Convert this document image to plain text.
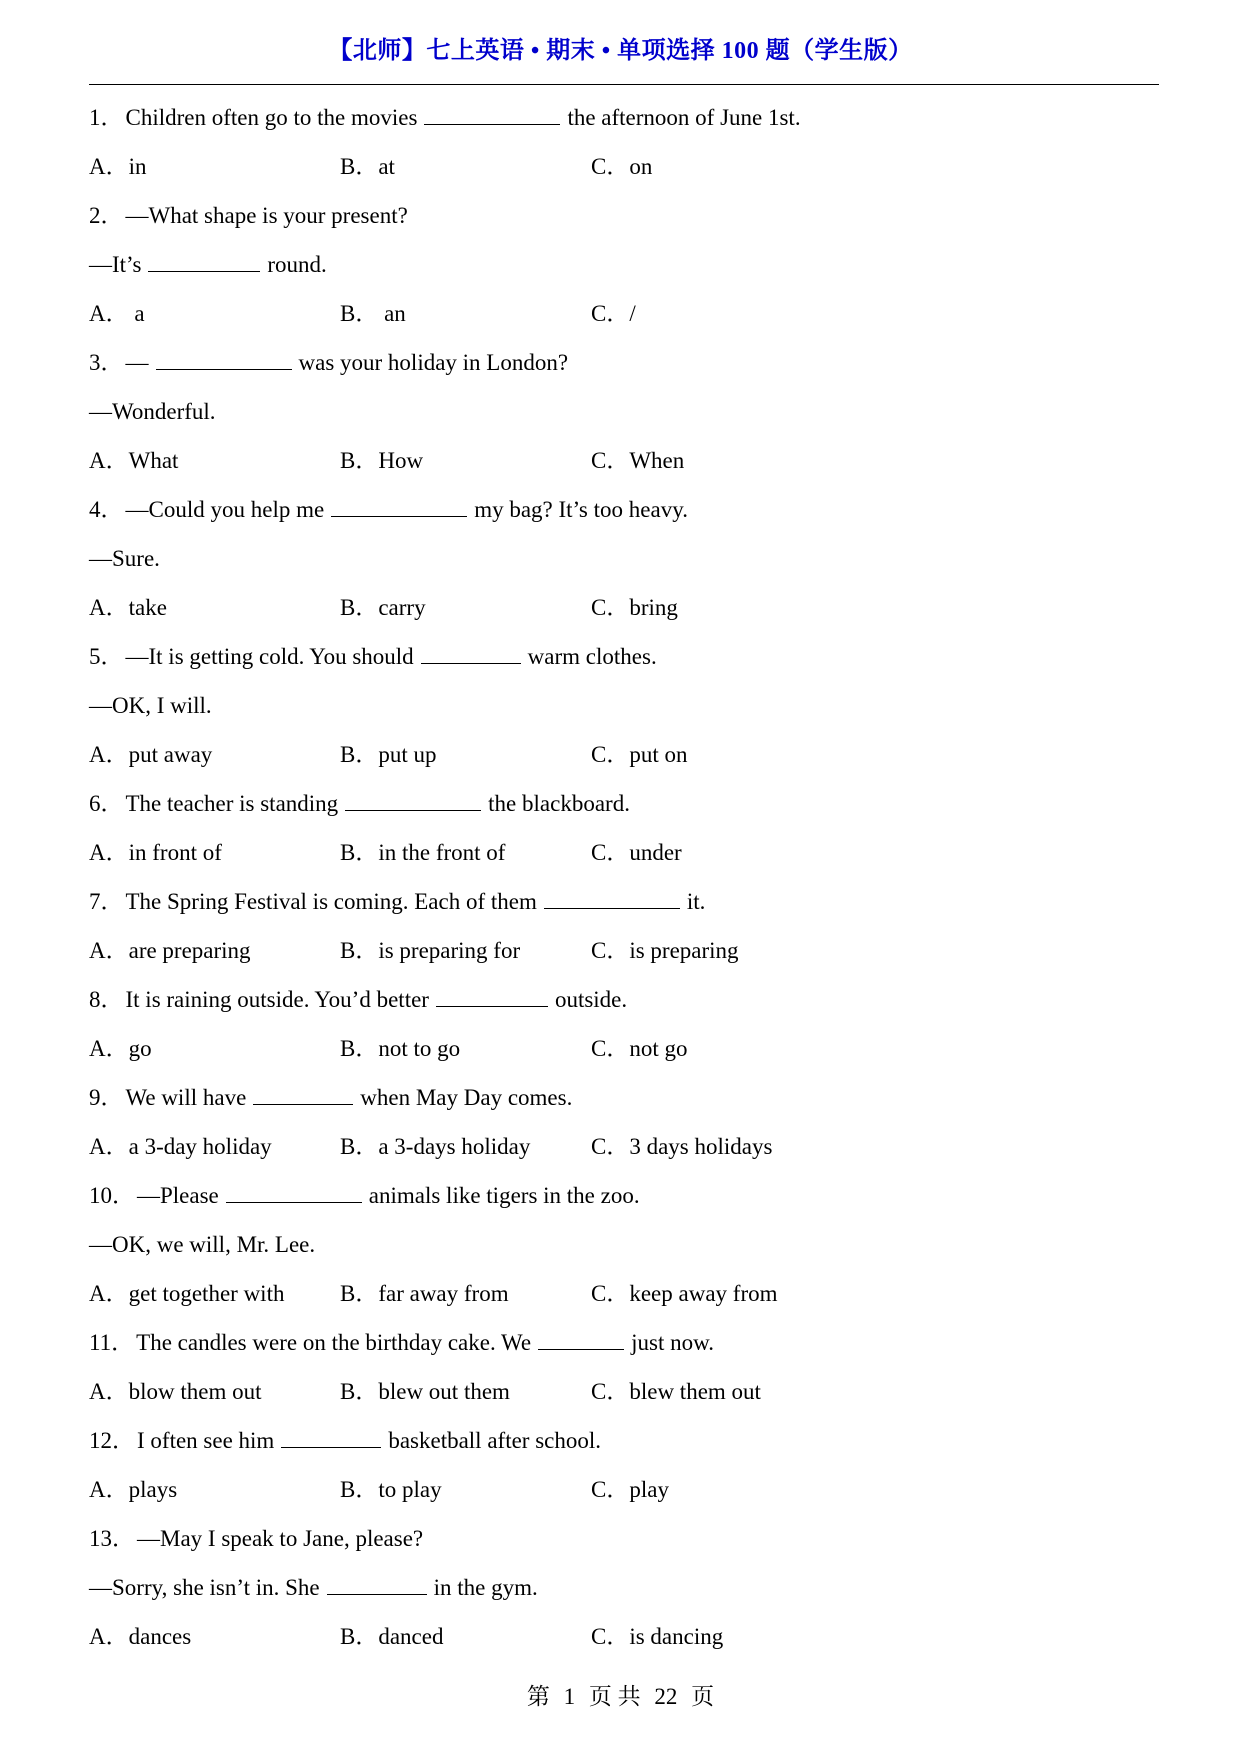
【北师】七上英语 • 期末 • 单项选择 100 题（学生版）
1．Children often go to the movies	the afternoon of June 1st.
A．in	B．at	C．on
2．—What shape is your present?
—It’s	round.
A． a	B． an	C．/
3．—	was your holiday in London?
—Wonderful.
A．What	B．How	C．When
4．—Could you help me	my bag? It’s too heavy.
—Sure.
A．take	B．carry	C．bring
5．—It is getting cold. You should	warm clothes.
—OK, I will.
A．put away	B．put up	C．put on
6．The teacher is standing	the blackboard.
A．in front of	B．in the front of	C．under
7．The Spring Festival is coming. Each of them	it.
A．are preparing	B．is preparing for	C．is preparing
8．It is raining outside. You’d better	outside.
A．go	B．not to go	C．not go
9．We will have	when May Day comes.
A．a 3-day holiday	B．a 3-days holiday	C．3 days holidays
10．—Please	animals like tigers in the zoo.
—OK, we will, Mr. Lee.
A．get together with B．far away from	C．keep away from
11．The candles were on the birthday cake. We	just now.
A．blow them out	B．blew out them	C．blew them out
12．I often see him	basketball after school.
A．plays	B．to play	C．play
13．—May I speak to Jane, please?
—Sorry, she isn’t in. She	in the gym.
A．dances	B．danced	C．is dancing
第 1 页 共 22 页
